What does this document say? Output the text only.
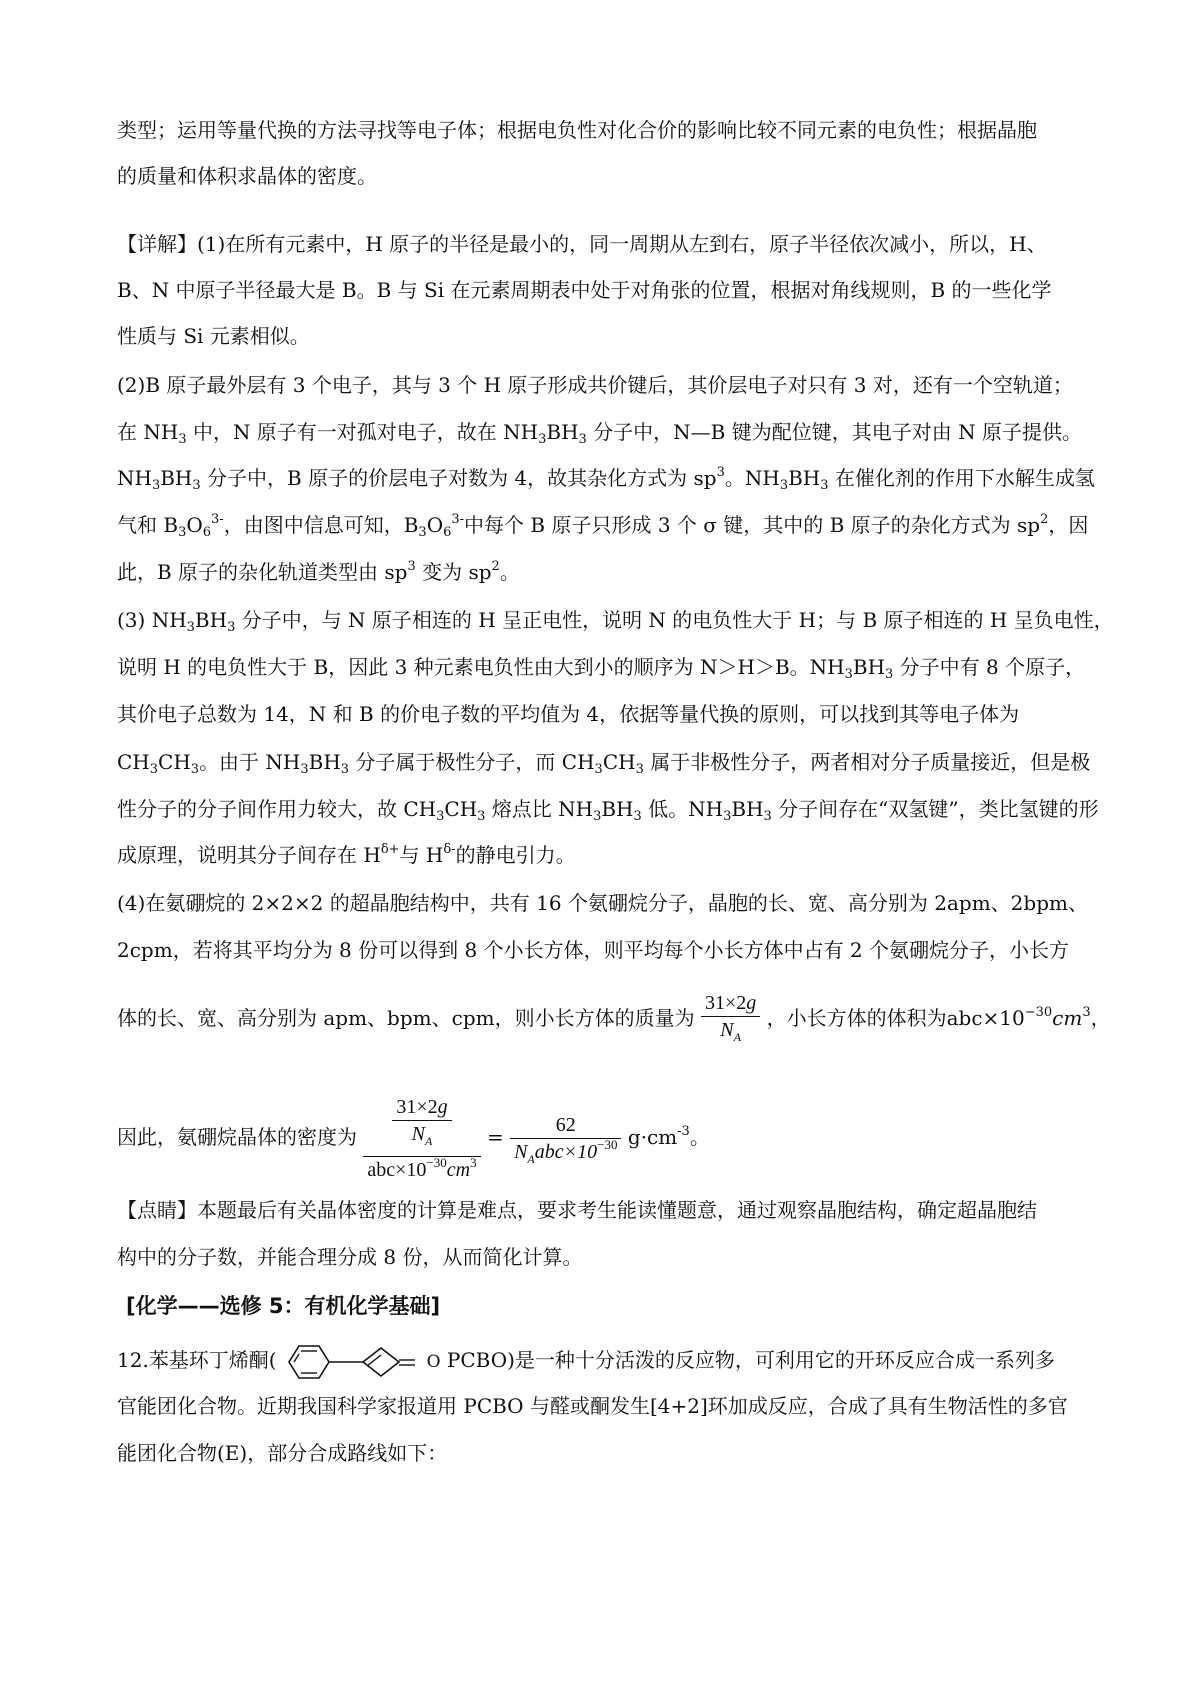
类型；运用等量代换的方法寻找等电子体；根据电负性对化合价的影响比较不同元素的电负性；根据晶胞
的质量和体积求晶体的密度。
【详解】(1)在所有元素中，H 原子的半径是最小的，同一周期从左到右，原子半径依次减小，所以，H、
B、N 中原子半径最大是 B。B 与 Si 在元素周期表中处于对角张的位置，根据对角线规则，B 的一些化学
性质与 Si 元素相似。
(2)B 原子最外层有 3 个电子，其与 3 个 H 原子形成共价键后，其价层电子对只有 3 对，还有一个空轨道；
在 $NH_3$ 中，N 原子有一对孤对电子，故在 $NH_3BH_3$ 分子中，N—B 键为配位键，其电子对由 N 原子提供。
$NH_3BH_3$ 分子中，B 原子的价层电子对数为 4，故其杂化方式为 $sp^3$。$NH_3BH_3$ 在催化剂的作用下水解生成氢
气和 $B_3O_6^{3-}$，由图中信息可知，$B_3O_6^{3-}$中每个 B 原子只形成 3 个 σ 键，其中的 B 原子的杂化方式为 $sp^2$，因
此，B 原子的杂化轨道类型由 $sp^3$ 变为 $sp^2$。
(3) $NH_3BH_3$ 分子中，与 N 原子相连的 H 呈正电性，说明 N 的电负性大于 H；与 B 原子相连的 H 呈负电性，
说明 H 的电负性大于 B，因此 3 种元素电负性由大到小的顺序为 N＞H＞B。$NH_3BH_3$ 分子中有 8 个原子，
其价电子总数为 14，N 和 B 的价电子数的平均值为 4，依据等量代换的原则，可以找到其等电子体为
$CH_3CH_3$。由于 $NH_3BH_3$ 分子属于极性分子，而 $CH_3CH_3$ 属于非极性分子，两者相对分子质量接近，但是极
性分子的分子间作用力较大，故 $CH_3CH_3$ 熔点比 $NH_3BH_3$ 低。$NH_3BH_3$ 分子间存在“双氢键”，类比氢键的形
成原理，说明其分子间存在 $H^{\delta+}$与 $H^{\delta-}$的静电引力。
(4)在氨硼烷的 2×2×2 的超晶胞结构中，共有 16 个氨硼烷分子，晶胞的长、宽、高分别为 2apm、2bpm、
2cpm，若将其平均分为 8 份可以得到 8 个小长方体，则平均每个小长方体中占有 2 个氨硼烷分子，小长方
体的长、宽、高分别为 apm、bpm、cpm，则小长方体的质量为 $\frac{31\times 2g}{N_A}$ ，小长方体的体积为$abc\times 10^{-30}cm^3$，
因此，氨硼烷晶体的密度为 $\frac{\frac{31\times 2g}{N_A}}{abc\times 10^{-30}cm^3} = \frac{62}{N_Aabc\times 10^{-30}} g\cdot cm^{-3}$。
【点睛】本题最后有关晶体密度的计算是难点，要求考生能读懂题意，通过观察晶胞结构，确定超晶胞结
构中的分子数，并能合理分成 8 份，从而简化计算。
[化学——选修 5：有机化学基础]
12.苯基环丁烯酮(	O PCBO)是一种十分活泼的反应物，可利用它的开环反应合成一系列多
官能团化合物。近期我国科学家报道用 PCBO 与醛或酮发生[4+2]环加成反应，合成了具有生物活性的多官
能团化合物(E)，部分合成路线如下：
